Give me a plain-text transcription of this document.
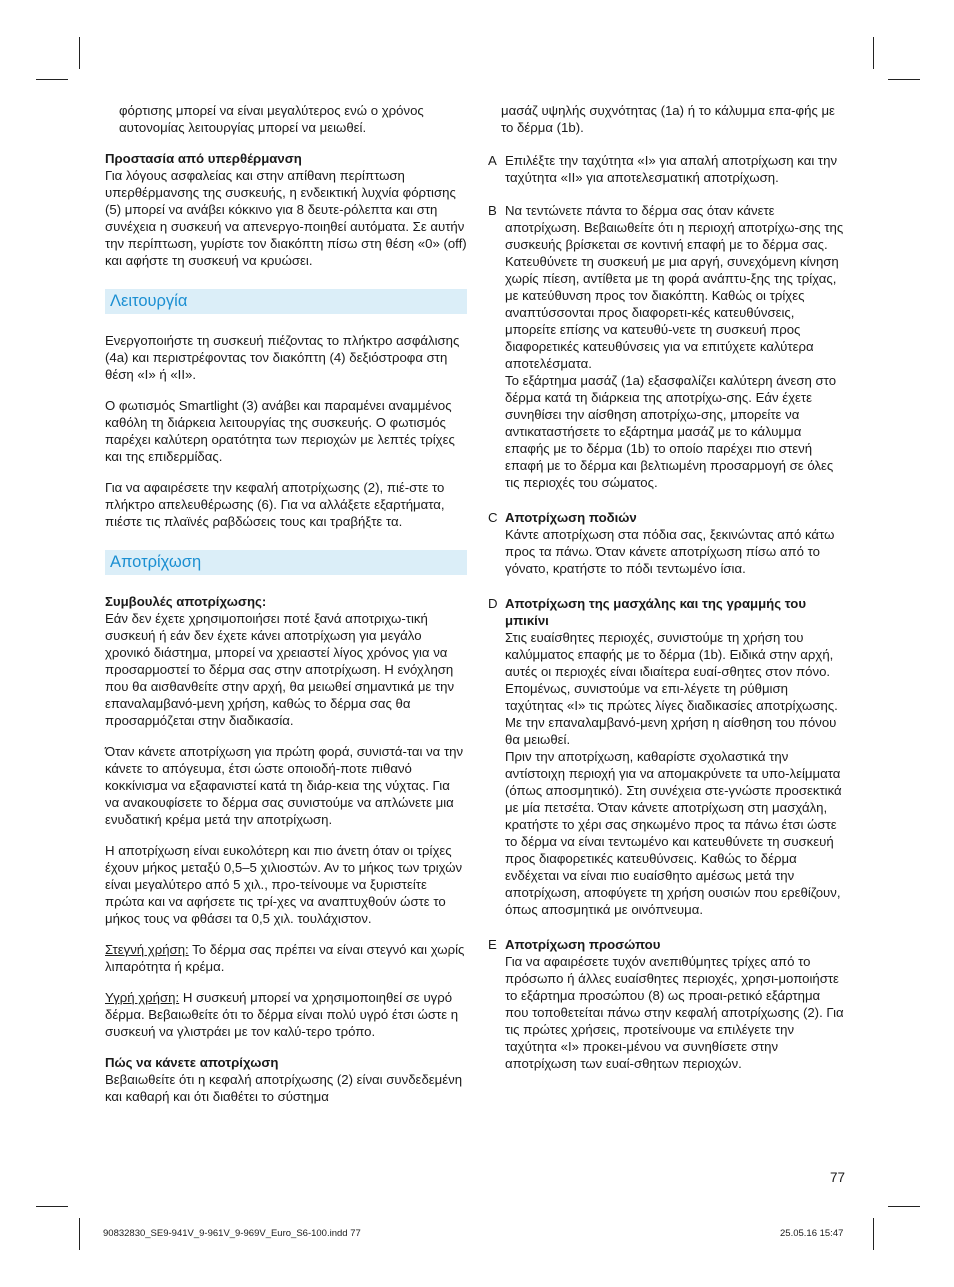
φόρτισης μπορεί να είναι μεγαλύτερος ενώ ο χρόνος αυτονομίας λειτουργίας μπορεί να μειωθεί.

Προστασία από υπερθέρμανση

Για λόγους ασφαλείας και στην απίθανη περίπτωση υπερθέρμανσης της συσκευής, η ενδεικτική λυχνία φόρτισης (5) μπορεί να ανάβει κόκκινο για 8 δευτε-ρόλεπτα και στη συνέχεια η συσκευή να απενεργο-ποιηθεί αυτόματα. Σε αυτήν την περίπτωση, γυρίστε τον διακόπτη πίσω στη θέση «0» (off) και αφήστε τη συσκευή να κρυώσει.

Λειτουργία

Ενεργοποιήστε τη συσκευή πιέζοντας το πλήκτρο ασφάλισης (4a) και περιστρέφοντας τον διακόπτη (4) δεξιόστροφα στη θέση «I» ή «II».

Ο φωτισμός Smartlight (3) ανάβει και παραμένει αναμμένος καθόλη τη διάρκεια λειτουργίας της συσκευής. Ο φωτισμός παρέχει καλύτερη ορατότητα των περιοχών με λεπτές τρίχες και της επιδερμίδας.

Για να αφαιρέσετε την κεφαλή αποτρίχωσης (2), πιέ-στε το πλήκτρο απελευθέρωσης (6). Για να αλλάξετε εξαρτήματα, πιέστε τις πλαϊνές ραβδώσεις τους και τραβήξτε τα.

Αποτρίχωση

Συμβουλές αποτρίχωσης:

Εάν δεν έχετε χρησιμοποιήσει ποτέ ξανά αποτριχω-τική συσκευή ή εάν δεν έχετε κάνει αποτρίχωση για μεγάλο χρονικό διάστημα, μπορεί να χρειαστεί λίγος χρόνος για να προσαρμοστεί το δέρμα σας στην αποτρίχωση. Η ενόχληση που θα αισθανθείτε στην αρχή, θα μειωθεί σημαντικά με την επαναλαμβανό-μενη χρήση, καθώς το δέρμα σας θα προσαρμόζεται στην διαδικασία.

Όταν κάνετε αποτρίχωση για πρώτη φορά, συνιστά-ται να την κάνετε το απόγευμα, έτσι ώστε οποιοδή-ποτε πιθανό κοκκίνισμα να εξαφανιστεί κατά τη διάρ-κεια της νύχτας. Για να ανακουφίσετε το δέρμα σας συνιστούμε να απλώνετε μια ενυδατική κρέμα μετά την αποτρίχωση.

Η αποτρίχωση είναι ευκολότερη και πιο άνετη όταν οι τρίχες έχουν μήκος μεταξύ 0,5–5 χιλιοστών. Αν το μήκος των τριχών είναι μεγαλύτερο από 5 χιλ., προ-τείνουμε να ξυριστείτε πρώτα και να αφήσετε τις τρί-χες να αναπτυχθούν ώστε το μήκος τους να φθάσει τα 0,5 χιλ. τουλάχιστον.

Στεγνή χρήση: Το δέρμα σας πρέπει να είναι στεγνό και χωρίς λιπαρότητα ή κρέμα.

Υγρή χρήση: Η συσκευή μπορεί να χρησιμοποιηθεί σε υγρό δέρμα. Βεβαιωθείτε ότι το δέρμα είναι πολύ υγρό έτσι ώστε η συσκευή να γλιστράει με τον καλύ-τερο τρόπο.

Πώς να κάνετε αποτρίχωση

Βεβαιωθείτε ότι η κεφαλή αποτρίχωσης (2) είναι συνδεδεμένη και καθαρή και ότι διαθέτει το σύστημα

μασάζ υψηλής συχνότητας (1a) ή το κάλυμμα επα-φής με το δέρμα (1b).

A Επιλέξτε την ταχύτητα «I» για απαλή αποτρίχωση και την ταχύτητα «II» για αποτελεσματική αποτρίχωση.

B Να τεντώνετε πάντα το δέρμα σας όταν κάνετε αποτρίχωση. Βεβαιωθείτε ότι η περιοχή αποτρίχω-σης της συσκευής βρίσκεται σε κοντινή επαφή με το δέρμα σας.
Κατευθύνετε τη συσκευή με μια αργή, συνεχόμενη κίνηση χωρίς πίεση, αντίθετα με τη φορά ανάπτυ-ξης της τρίχας, με κατεύθυνση προς τον διακόπτη. Καθώς οι τρίχες αναπτύσσονται προς διαφορετι-κές κατευθύνσεις, μπορείτε επίσης να κατευθύ-νετε τη συσκευή προς διαφορετικές κατευθύνσεις για να επιτύχετε καλύτερα αποτελέσματα.
Το εξάρτημα μασάζ (1a) εξασφαλίζει καλύτερη άνεση στο δέρμα κατά τη διάρκεια της αποτρίχω-σης. Εάν έχετε συνηθίσει την αίσθηση αποτρίχω-σης, μπορείτε να αντικαταστήσετε το εξάρτημα μασάζ με το κάλυμμα επαφής με το δέρμα (1b) το οποίο παρέχει πιο στενή επαφή με το δέρμα και βελτιωμένη προσαρμογή σε όλες τις περιοχές του σώματος.

C Αποτρίχωση ποδιών

Κάντε αποτρίχωση στα πόδια σας, ξεκινώντας από κάτω προς τα πάνω. Όταν κάνετε αποτρίχωση πίσω από το γόνατο, κρατήστε το πόδι τεντωμένο ίσια.

D Αποτρίχωση της μασχάλης και της γραμμής του μπικίνι

Στις ευαίσθητες περιοχές, συνιστούμε τη χρήση του καλύμματος επαφής με το δέρμα (1b). Ειδικά στην αρχή, αυτές οι περιοχές είναι ιδιαίτερα ευαί-σθητες στον πόνο. Επομένως, συνιστούμε να επι-λέγετε τη ρύθμιση ταχύτητας «I» τις πρώτες λίγες διαδικασίες αποτρίχωσης. Με την επαναλαμβανό-μενη χρήση η αίσθηση του πόνου θα μειωθεί.
Πριν την αποτρίχωση, καθαρίστε σχολαστικά την αντίστοιχη περιοχή για να απομακρύνετε τα υπο-λείμματα (όπως αποσμητικό). Στη συνέχεια στε-γνώστε προσεκτικά με μία πετσέτα. Όταν κάνετε αποτρίχωση στη μασχάλη, κρατήστε το χέρι σας σηκωμένο προς τα πάνω έτσι ώστε το δέρμα να είναι τεντωμένο και κατευθύνετε τη συσκευή προς διαφορετικές κατευθύνσεις. Καθώς το δέρμα ενδέχεται να είναι πιο ευαίσθητο αμέσως μετά την αποτρίχωση, αποφύγετε τη χρήση ουσιών που ερεθίζουν, όπως αποσμητικά με οινόπνευμα.

E Αποτρίχωση προσώπου

Για να αφαιρέσετε τυχόν ανεπιθύμητες τρίχες από το πρόσωπο ή άλλες ευαίσθητες περιοχές, χρησι-μοποιήστε το εξάρτημα προσώπου (8) ως προαι-ρετικό εξάρτημα που τοποθετείται πάνω στην κεφαλή αποτρίχωσης (2). Για τις πρώτες χρήσεις, προτείνουμε να επιλέγετε την ταχύτητα «I» προκει-μένου να συνηθίσετε στην αποτρίχωση των ευαί-σθητων περιοχών.

77
90832830_SE9-941V_9-961V_9-969V_Euro_S6-100.indd 77	25.05.16 15:47
